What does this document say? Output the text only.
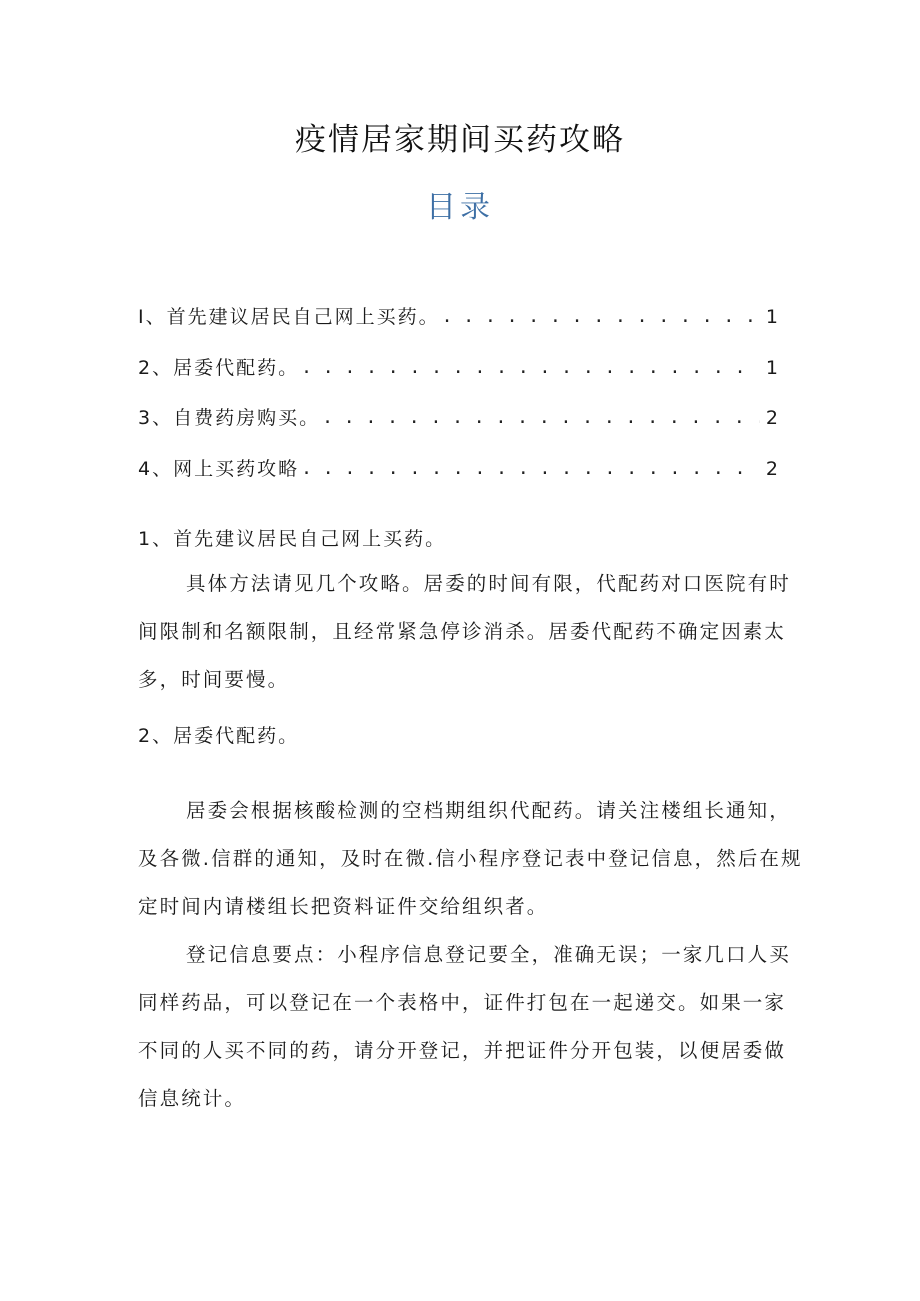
疫情居家期间买药攻略
目录
I、首先建议居民自己网上买药。 . . .	1
2、居委代配药。 . . .	1
3、自费药房购买。 . . .	2
4、网上买药攻略 . . .	2
1、首先建议居民自己网上买药。
具体方法请见几个攻略。居委的时间有限，代配药对口医院有时间限制和名额限制，且经常紧急停诊消杀。居委代配药不确定因素太多，时间要慢。
2、居委代配药。
居委会根据核酸检测的空档期组织代配药。请关注楼组长通知，及各微.信群的通知，及时在微.信小程序登记表中登记信息，然后在规定时间内请楼组长把资料证件交给组织者。
登记信息要点：小程序信息登记要全，准确无误；一家几口人买同样药品，可以登记在一个表格中，证件打包在一起递交。如果一家不同的人买不同的药，请分开登记，并把证件分开包装，以便居委做信息统计。
